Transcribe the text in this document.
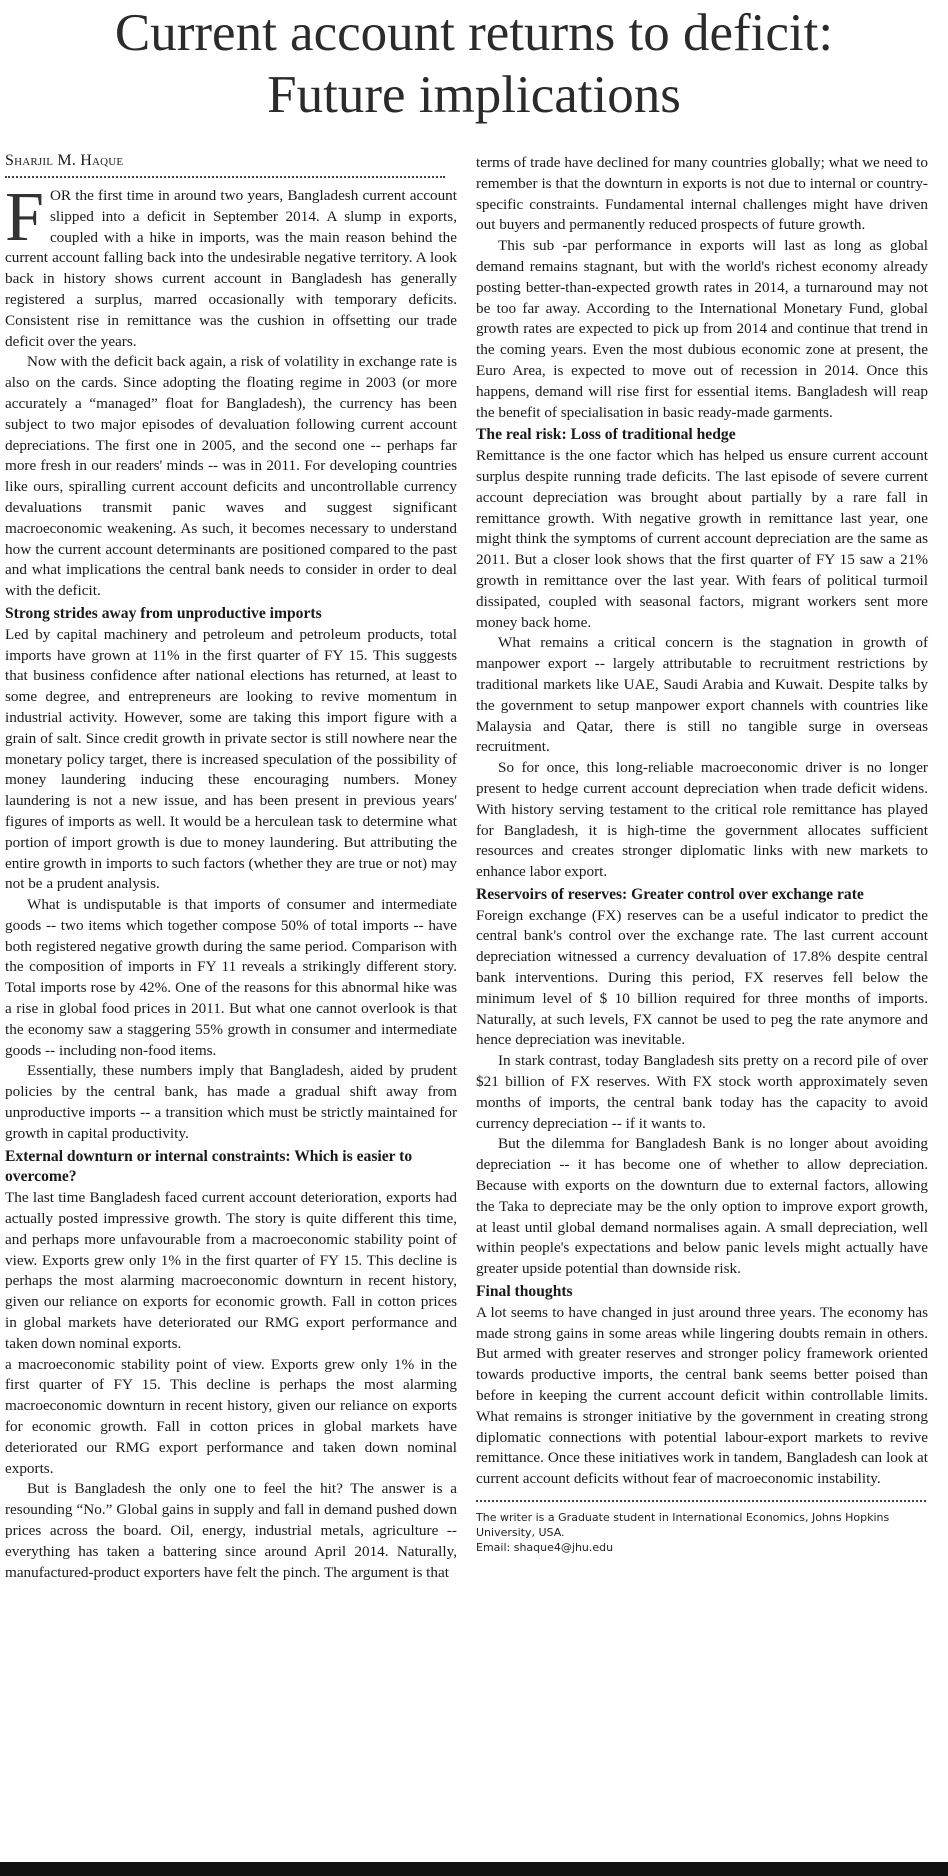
Current account returns to deficit:
Future implications
Sharjil M. Haque

FOR the first time in around two years, Bangladesh current account slipped into a deficit in September 2014. A slump in exports, coupled with a hike in imports, was the main reason behind the current account falling back into the undesirable negative territory. A look back in history shows current account in Bangladesh has generally registered a surplus, marred occasionally with temporary deficits. Consistent rise in remittance was the cushion in offsetting our trade deficit over the years.

Now with the deficit back again, a risk of volatility in exchange rate is also on the cards. Since adopting the floating regime in 2003 (or more accurately a “managed” float for Bangladesh), the currency has been subject to two major episodes of devaluation following current account depreciations. The first one in 2005, and the second one -- perhaps far more fresh in our readers' minds -- was in 2011. For developing countries like ours, spiralling current account deficits and uncontrollable currency devaluations transmit panic waves and suggest significant macroeconomic weakening. As such, it becomes necessary to understand how the current account determinants are positioned compared to the past and what implications the central bank needs to consider in order to deal with the deficit.

Strong strides away from unproductive imports

Led by capital machinery and petroleum and petroleum products, total imports have grown at 11% in the first quarter of FY 15. This suggests that business confidence after national elections has returned, at least to some degree, and entrepreneurs are looking to revive momentum in industrial activity. However, some are taking this import figure with a grain of salt. Since credit growth in private sector is still nowhere near the monetary policy target, there is increased speculation of the possibility of money laundering inducing these encouraging numbers. Money laundering is not a new issue, and has been present in previous years' figures of imports as well. It would be a herculean task to determine what portion of import growth is due to money laundering. But attributing the entire growth in imports to such factors (whether they are true or not) may not be a prudent analysis.

What is undisputable is that imports of consumer and intermediate goods -- two items which together compose 50% of total imports -- have both registered negative growth during the same period. Comparison with the composition of imports in FY 11 reveals a strikingly different story. Total imports rose by 42%. One of the reasons for this abnormal hike was a rise in global food prices in 2011. But what one cannot overlook is that the economy saw a staggering 55% growth in consumer and intermediate goods -- including non-food items.

Essentially, these numbers imply that Bangladesh, aided by prudent policies by the central bank, has made a gradual shift away from unproductive imports -- a transition which must be strictly maintained for growth in capital productivity.

External downturn or internal constraints: Which is easier to overcome?

The last time Bangladesh faced current account deterioration, exports had actually posted impressive growth. The story is quite different this time, and perhaps more unfavourable from a macroeconomic stability point of view. Exports grew only 1% in the first quarter of FY 15. This decline is perhaps the most alarming macroeconomic downturn in recent history, given our reliance on exports for economic growth. Fall in cotton prices in global markets have deteriorated our RMG export performance and taken down nominal exports.

a macroeconomic stability point of view. Exports grew only 1% in the first quarter of FY 15. This decline is perhaps the most alarming macroeconomic downturn in recent history, given our reliance on exports for economic growth. Fall in cotton prices in global markets have deteriorated our RMG export performance and taken down nominal exports.

But is Bangladesh the only one to feel the hit? The answer is a resounding “No.” Global gains in supply and fall in demand pushed down prices across the board. Oil, energy, industrial metals, agriculture -- everything has taken a battering since around April 2014. Naturally, manufactured-product exporters have felt the pinch. The argument is that

terms of trade have declined for many countries globally; what we need to remember is that the downturn in exports is not due to internal or country-specific constraints. Fundamental internal challenges might have driven out buyers and permanently reduced prospects of future growth.

This sub -par performance in exports will last as long as global demand remains stagnant, but with the world's richest economy already posting better-than-expected growth rates in 2014, a turnaround may not be too far away. According to the International Monetary Fund, global growth rates are expected to pick up from 2014 and continue that trend in the coming years. Even the most dubious economic zone at present, the Euro Area, is expected to move out of recession in 2014. Once this happens, demand will rise first for essential items. Bangladesh will reap the benefit of specialisation in basic ready-made garments.

The real risk: Loss of traditional hedge

Remittance is the one factor which has helped us ensure current account surplus despite running trade deficits. The last episode of severe current account depreciation was brought about partially by a rare fall in remittance growth. With negative growth in remittance last year, one might think the symptoms of current account depreciation are the same as 2011. But a closer look shows that the first quarter of FY 15 saw a 21% growth in remittance over the last year. With fears of political turmoil dissipated, coupled with seasonal factors, migrant workers sent more money back home.

What remains a critical concern is the stagnation in growth of manpower export -- largely attributable to recruitment restrictions by traditional markets like UAE, Saudi Arabia and Kuwait. Despite talks by the government to setup manpower export channels with countries like Malaysia and Qatar, there is still no tangible surge in overseas recruitment.

So for once, this long-reliable macroeconomic driver is no longer present to hedge current account depreciation when trade deficit widens. With history serving testament to the critical role remittance has played for Bangladesh, it is high-time the government allocates sufficient resources and creates stronger diplomatic links with new markets to enhance labor export.

Reservoirs of reserves: Greater control over exchange rate

Foreign exchange (FX) reserves can be a useful indicator to predict the central bank's control over the exchange rate. The last current account depreciation witnessed a currency devaluation of 17.8% despite central bank interventions. During this period, FX reserves fell below the minimum level of $ 10 billion required for three months of imports. Naturally, at such levels, FX cannot be used to peg the rate anymore and hence depreciation was inevitable.

In stark contrast, today Bangladesh sits pretty on a record pile of over $21 billion of FX reserves. With FX stock worth approximately seven months of imports, the central bank today has the capacity to avoid currency depreciation -- if it wants to.

But the dilemma for Bangladesh Bank is no longer about avoiding depreciation -- it has become one of whether to allow depreciation. Because with exports on the downturn due to external factors, allowing the Taka to depreciate may be the only option to improve export growth, at least until global demand normalises again. A small depreciation, well within people's expectations and below panic levels might actually have greater upside potential than downside risk.

Final thoughts

A lot seems to have changed in just around three years. The economy has made strong gains in some areas while lingering doubts remain in others. But armed with greater reserves and stronger policy framework oriented towards productive imports, the central bank seems better poised than before in keeping the current account deficit within controllable limits. What remains is stronger initiative by the government in creating strong diplomatic connections with potential labour-export markets to revive remittance. Once these initiatives work in tandem, Bangladesh can look at current account deficits without fear of macroeconomic instability.

The writer is a Graduate student in International Economics, Johns Hopkins University, USA.

Email: shaque4@jhu.edu
